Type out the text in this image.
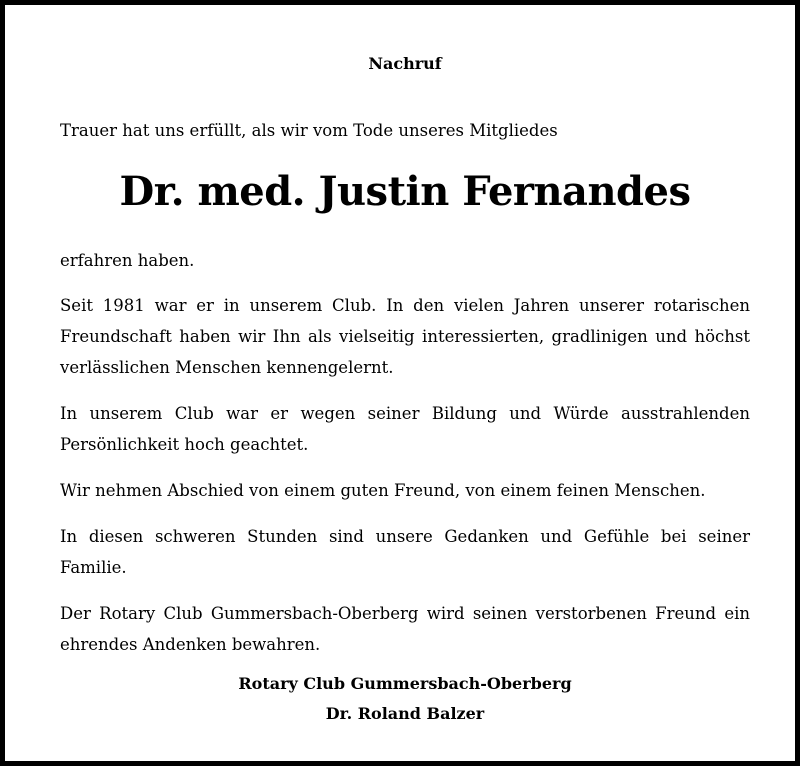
Nachruf
Trauer hat uns erfüllt, als wir vom Tode unseres Mitgliedes
Dr. med. Justin Fernandes

erfahren haben.

Seit 1981 war er in unserem Club. In den vielen Jahren unserer rotarischen Freundschaft haben wir Ihn als vielseitig interessierten, gradlinigen und höchst verlässlichen Menschen kennengelernt.

In unserem Club war er wegen seiner Bildung und Würde ausstrahlenden Persönlichkeit hoch geachtet.

Wir nehmen Abschied von einem guten Freund, von einem feinen Menschen.

In diesen schweren Stunden sind unsere Gedanken und Gefühle bei seiner Familie.

Der Rotary Club Gummersbach-Oberberg wird seinen verstorbenen Freund ein ehrendes Andenken bewahren.

Rotary Club Gummersbach-Oberberg
Dr. Roland Balzer
